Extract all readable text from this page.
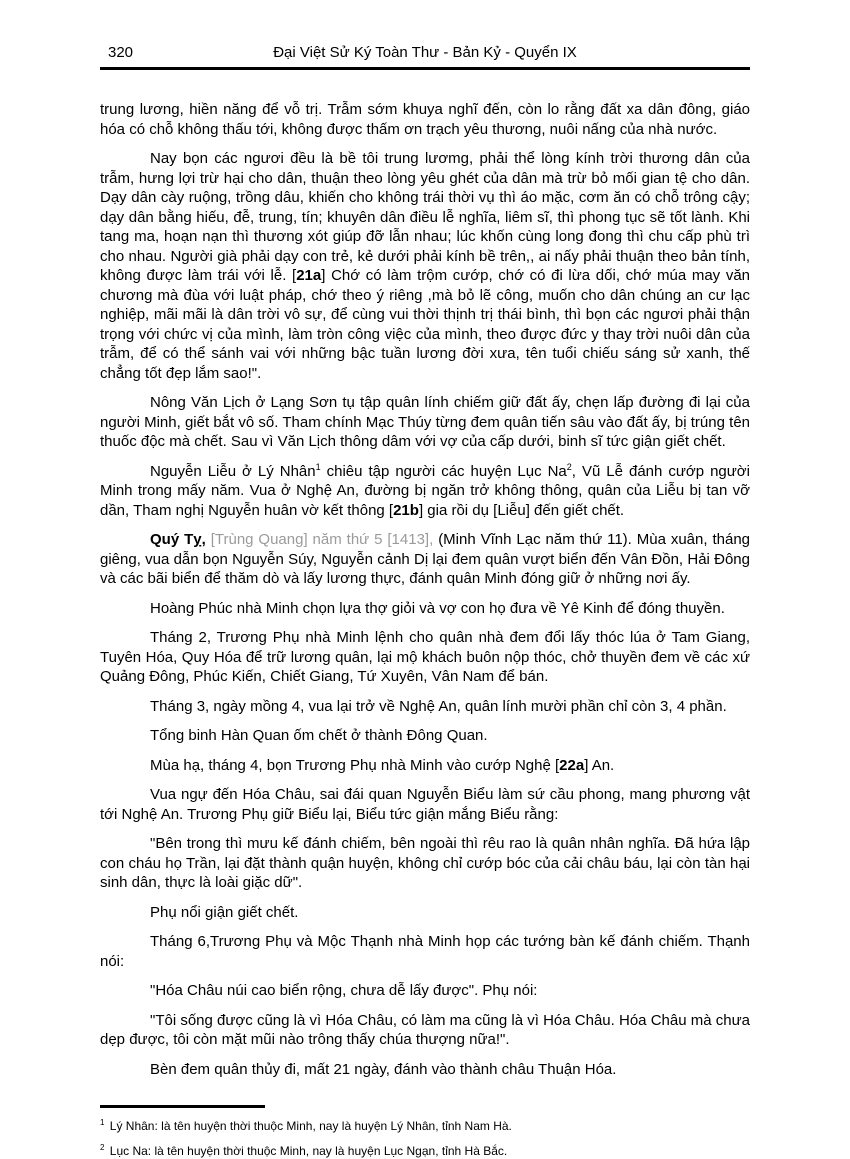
320	Đại Việt Sử Ký Toàn Thư - Bản Kỷ - Quyển IX

trung lương, hiền năng để vỗ trị. Trẫm sớm khuya nghĩ đến, còn lo rằng đất xa dân đông, giáo hóa có chỗ không thấu tới, không được thấm ơn trạch yêu thương, nuôi nấng của nhà nước.

Nay bọn các ngươi đều là bề tôi trung lươmg, phải thể lòng kính trời thương dân của trẫm, hưng lợi trừ hại cho dân, thuận theo lòng yêu ghét của dân mà trừ bỏ mối gian tệ cho dân. Dạy dân cày ruộng, trồng dâu, khiến cho không trái thời vụ thì áo mặc, cơm ăn có chỗ trông cậy; dạy dân bằng hiếu, đễ, trung, tín; khuyên dân điều lễ nghĩa, liêm sĩ, thì phong tục sẽ tốt lành. Khi tang ma, hoạn nạn thì thương xót giúp đỡ lẫn nhau; lúc khốn cùng long đong thì chu cấp phù trì cho nhau. Người già phải dạy con trẻ, kẻ dưới phải kính bề trên,, ai nấy phải thuận theo bản tính, không được làm trái với lễ. [21a] Chớ có làm trộm cướp, chớ có đi lừa dối, chớ múa may văn chương mà đùa với luật pháp, chớ theo ý riêng ,mà bỏ lẽ công, muốn cho dân chúng an cư lạc nghiệp, mãi mãi là dân trời vô sự, để cùng vui thời thịnh trị thái bình, thì bọn các ngươi phải thận trọng với chức vị của mình, làm tròn công việc của mình, theo được đức y thay trời nuôi dân của trẫm, để có thể sánh vai với những bậc tuần lương đời xưa, tên tuổi chiếu sáng sử xanh, thế chẳng tốt đẹp lắm sao!".

Nông Văn Lịch ở Lạng Sơn tụ tập quân lính chiếm giữ đất ấy, chẹn lấp đường đi lại của người Minh, giết bắt vô số. Tham chính Mạc Thúy từng đem quân tiến sâu vào đất ấy, bị trúng tên thuốc độc mà chết. Sau vì Văn Lịch thông dâm với vợ của cấp dưới, binh sĩ tức giận giết chết.

Nguyễn Liễu ở Lý Nhân$^1$ chiêu tập người các huyện Lục Na$^2$, Vũ Lễ đánh cướp người Minh trong mấy năm. Vua ở Nghệ An, đường bị ngăn trở không thông, quân của Liễu bị tan vỡ dần, Tham nghị Nguyễn huân vờ kết thông [21b] gia rồi dụ [Liễu] đến giết chết.

Quý Tỵ, [Trùng Quang] năm thứ 5 [1413], (Minh Vĩnh Lạc năm thứ 11). Mùa xuân, tháng giêng, vua dẫn bọn Nguyễn Súy, Nguyễn cảnh Dị lại đem quân vượt biển đến Vân Đồn, Hải Đông và các bãi biển để thăm dò và lấy lương thực, đánh quân Minh đóng giữ ở những nơi ấy.

Hoàng Phúc nhà Minh chọn lựa thợ giỏi và vợ con họ đưa về Yê Kinh để đóng thuyền.

Tháng 2, Trương Phụ nhà Minh lệnh cho quân nhà đem đổi lấy thóc lúa ở Tam Giang, Tuyên Hóa, Quy Hóa để trữ lương quân, lại mộ khách buôn nộp thóc, chở thuyền đem về các xứ Quảng Đông, Phúc Kiến, Chiết Giang, Tứ Xuyên, Vân Nam để bán.

Tháng 3, ngày mồng 4, vua lại trở về Nghệ An, quân lính mười phần chỉ còn 3, 4 phần.

Tổng binh Hàn Quan ốm chết ở thành Đông Quan.

Mùa hạ, tháng 4, bọn Trương Phụ nhà Minh vào cướp Nghệ [22a] An.

Vua ngự đến Hóa Châu, sai đái quan Nguyễn Biểu làm sứ cầu phong, mang phương vật tới Nghệ An. Trương Phụ giữ Biểu lại, Biểu tức giận mắng Biểu rằng:

"Bên trong thì mưu kế đánh chiếm, bên ngoài thì rêu rao là quân nhân nghĩa. Đã hứa lập con cháu họ Trần, lại đặt thành quận huyện, không chỉ cướp bóc của cải châu báu, lại còn tàn hại sinh dân, thực là loài giặc dữ".

Phụ nổi giận giết chết.

Tháng 6,Trương Phụ và Mộc Thạnh nhà Minh họp các tướng bàn kế đánh chiếm. Thạnh nói:

"Hóa Châu núi cao biển rộng, chưa dễ lấy được". Phụ nói:

"Tôi sống được cũng là vì Hóa Châu, có làm ma cũng là vì Hóa Châu. Hóa Châu mà chưa dẹp được, tôi còn mặt mũi nào trông thấy chúa thượng nữa!".

Bèn đem quân thủy đi, mất 21 ngày, đánh vào thành châu Thuận Hóa.

$^1$ Lý Nhân: là tên huyện thời thuộc Minh, nay là huyện Lý Nhân, tỉnh Nam Hà.

$^2$ Lục Na: là tên huyện thời thuộc Minh, nay là huyện Lục Ngạn, tỉnh Hà Bắc.
